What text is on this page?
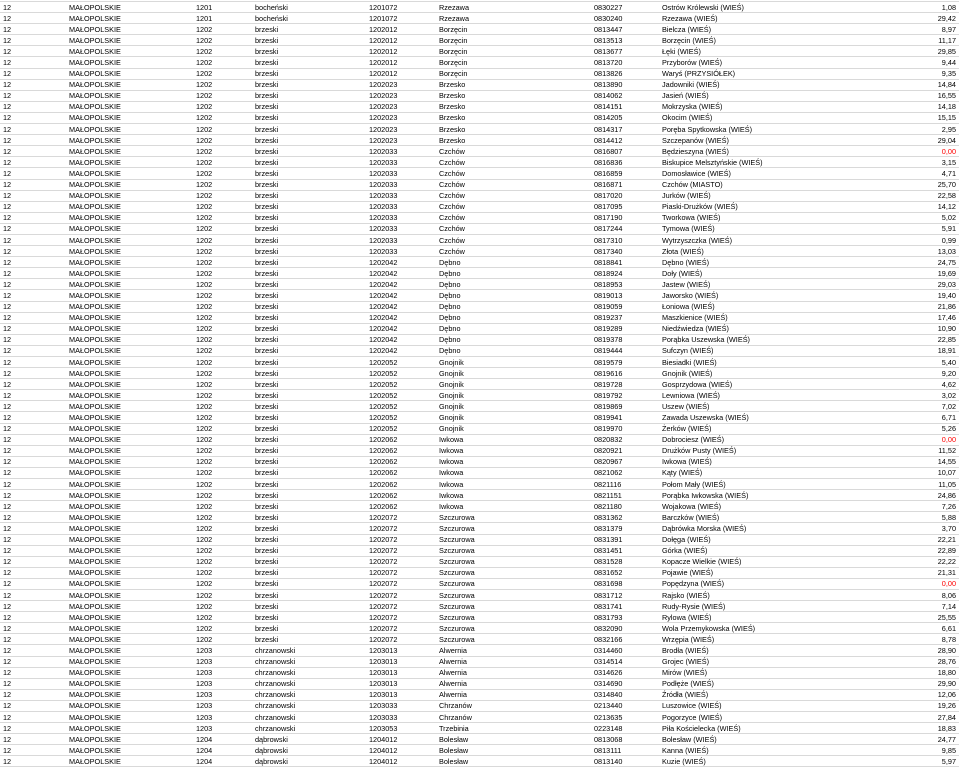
12	MAŁOPOLSKIE	1201	bocheński	1201072	Rzezawa	0830227	Ostrów Królewski (WIEŚ)	1,08
12	MAŁOPOLSKIE	1201	bocheński	1201072	Rzezawa	0830240	Rzezawa (WIEŚ)	29,42
12	MAŁOPOLSKIE	1202	brzeski	1202012	Borzęcin	0813447	Bielcza (WIEŚ)	8,97
12	MAŁOPOLSKIE	1202	brzeski	1202012	Borzęcin	0813513	Borzęcin (WIEŚ)	11,17
12	MAŁOPOLSKIE	1202	brzeski	1202012	Borzęcin	0813677	Łęki (WIEŚ)	29,85
12	MAŁOPOLSKIE	1202	brzeski	1202012	Borzęcin	0813720	Przyborów (WIEŚ)	9,44
12	MAŁOPOLSKIE	1202	brzeski	1202012	Borzęcin	0813826	Waryś (PRZYSIÓŁEK)	9,35
12	MAŁOPOLSKIE	1202	brzeski	1202023	Brzesko	0813890	Jadowniki (WIEŚ)	14,84
12	MAŁOPOLSKIE	1202	brzeski	1202023	Brzesko	0814062	Jasień (WIEŚ)	16,55
12	MAŁOPOLSKIE	1202	brzeski	1202023	Brzesko	0814151	Mokrzyska (WIEŚ)	14,18
12	MAŁOPOLSKIE	1202	brzeski	1202023	Brzesko	0814205	Okocim (WIEŚ)	15,15
12	MAŁOPOLSKIE	1202	brzeski	1202023	Brzesko	0814317	Poręba Spytkowska (WIEŚ)	2,95
12	MAŁOPOLSKIE	1202	brzeski	1202023	Brzesko	0814412	Szczepanów (WIEŚ)	29,04
12	MAŁOPOLSKIE	1202	brzeski	1202033	Czchów	0816807	Będzieszyna (WIEŚ)	0,00
12	MAŁOPOLSKIE	1202	brzeski	1202033	Czchów	0816836	Biskupice Melsztyńskie (WIEŚ)	3,15
12	MAŁOPOLSKIE	1202	brzeski	1202033	Czchów	0816859	Domosławice (WIEŚ)	4,71
12	MAŁOPOLSKIE	1202	brzeski	1202033	Czchów	0816871	Czchów (MIASTO)	25,70
12	MAŁOPOLSKIE	1202	brzeski	1202033	Czchów	0817020	Jurków (WIEŚ)	22,58
12	MAŁOPOLSKIE	1202	brzeski	1202033	Czchów	0817095	Piaski-Drużków (WIEŚ)	14,12
12	MAŁOPOLSKIE	1202	brzeski	1202033	Czchów	0817190	Tworkowa (WIEŚ)	5,02
12	MAŁOPOLSKIE	1202	brzeski	1202033	Czchów	0817244	Tymowa (WIEŚ)	5,91
12	MAŁOPOLSKIE	1202	brzeski	1202033	Czchów	0817310	Wytrzyszczka (WIEŚ)	0,99
12	MAŁOPOLSKIE	1202	brzeski	1202033	Czchów	0817340	Złota (WIEŚ)	13,03
12	MAŁOPOLSKIE	1202	brzeski	1202042	Dębno	0818841	Dębno (WIEŚ)	24,75
12	MAŁOPOLSKIE	1202	brzeski	1202042	Dębno	0818924	Doły (WIEŚ)	19,69
12	MAŁOPOLSKIE	1202	brzeski	1202042	Dębno	0818953	Jastew (WIEŚ)	29,03
12	MAŁOPOLSKIE	1202	brzeski	1202042	Dębno	0819013	Jaworsko (WIEŚ)	19,40
12	MAŁOPOLSKIE	1202	brzeski	1202042	Dębno	0819059	Łoniowa (WIEŚ)	21,86
12	MAŁOPOLSKIE	1202	brzeski	1202042	Dębno	0819237	Maszkienice (WIEŚ)	17,46
12	MAŁOPOLSKIE	1202	brzeski	1202042	Dębno	0819289	Niedźwiedza (WIEŚ)	10,90
12	MAŁOPOLSKIE	1202	brzeski	1202042	Dębno	0819378	Porąbka Uszewska (WIEŚ)	22,85
12	MAŁOPOLSKIE	1202	brzeski	1202042	Dębno	0819444	Sufczyn (WIEŚ)	18,91
12	MAŁOPOLSKIE	1202	brzeski	1202052	Gnojnik	0819579	Biesiadki (WIEŚ)	5,40
12	MAŁOPOLSKIE	1202	brzeski	1202052	Gnojnik	0819616	Gnojnik (WIEŚ)	9,20
12	MAŁOPOLSKIE	1202	brzeski	1202052	Gnojnik	0819728	Gosprzydowa (WIEŚ)	4,62
12	MAŁOPOLSKIE	1202	brzeski	1202052	Gnojnik	0819792	Lewniowa (WIEŚ)	3,02
12	MAŁOPOLSKIE	1202	brzeski	1202052	Gnojnik	0819869	Uszew (WIEŚ)	7,02
12	MAŁOPOLSKIE	1202	brzeski	1202052	Gnojnik	0819941	Zawada Uszewska (WIEŚ)	6,71
12	MAŁOPOLSKIE	1202	brzeski	1202052	Gnojnik	0819970	Żerków (WIEŚ)	5,26
12	MAŁOPOLSKIE	1202	brzeski	1202062	Iwkowa	0820832	Dobrociesz (WIEŚ)	0,00
12	MAŁOPOLSKIE	1202	brzeski	1202062	Iwkowa	0820921	Drużków Pusty (WIEŚ)	11,52
12	MAŁOPOLSKIE	1202	brzeski	1202062	Iwkowa	0820967	Iwkowa (WIEŚ)	14,55
12	MAŁOPOLSKIE	1202	brzeski	1202062	Iwkowa	0821062	Kąty (WIEŚ)	10,07
12	MAŁOPOLSKIE	1202	brzeski	1202062	Iwkowa	0821116	Połom Mały (WIEŚ)	11,05
12	MAŁOPOLSKIE	1202	brzeski	1202062	Iwkowa	0821151	Porąbka Iwkowska (WIEŚ)	24,86
12	MAŁOPOLSKIE	1202	brzeski	1202062	Iwkowa	0821180	Wojakowa (WIEŚ)	7,26
12	MAŁOPOLSKIE	1202	brzeski	1202072	Szczurowa	0831362	Barczków (WIEŚ)	5,88
12	MAŁOPOLSKIE	1202	brzeski	1202072	Szczurowa	0831379	Dąbrówka Morska (WIEŚ)	3,70
12	MAŁOPOLSKIE	1202	brzeski	1202072	Szczurowa	0831391	Dołęga (WIEŚ)	22,21
12	MAŁOPOLSKIE	1202	brzeski	1202072	Szczurowa	0831451	Górka (WIEŚ)	22,89
12	MAŁOPOLSKIE	1202	brzeski	1202072	Szczurowa	0831528	Kopacze Wielkie (WIEŚ)	22,22
12	MAŁOPOLSKIE	1202	brzeski	1202072	Szczurowa	0831652	Pojawie (WIEŚ)	21,31
12	MAŁOPOLSKIE	1202	brzeski	1202072	Szczurowa	0831698	Popędzyna (WIEŚ)	0,00
12	MAŁOPOLSKIE	1202	brzeski	1202072	Szczurowa	0831712	Rajsko (WIEŚ)	8,06
12	MAŁOPOLSKIE	1202	brzeski	1202072	Szczurowa	0831741	Rudy-Rysie (WIEŚ)	7,14
12	MAŁOPOLSKIE	1202	brzeski	1202072	Szczurowa	0831793	Rylowa (WIEŚ)	25,55
12	MAŁOPOLSKIE	1202	brzeski	1202072	Szczurowa	0832090	Wola Przemykowska (WIEŚ)	6,61
12	MAŁOPOLSKIE	1202	brzeski	1202072	Szczurowa	0832166	Wrzępia (WIEŚ)	8,78
12	MAŁOPOLSKIE	1203	chrzanowski	1203013	Alwernia	0314460	Brodła (WIEŚ)	28,90
12	MAŁOPOLSKIE	1203	chrzanowski	1203013	Alwernia	0314514	Grojec (WIEŚ)	28,76
12	MAŁOPOLSKIE	1203	chrzanowski	1203013	Alwernia	0314626	Mirów (WIEŚ)	18,80
12	MAŁOPOLSKIE	1203	chrzanowski	1203013	Alwernia	0314690	Podłęże (WIEŚ)	29,90
12	MAŁOPOLSKIE	1203	chrzanowski	1203013	Alwernia	0314840	Źródła (WIEŚ)	12,06
12	MAŁOPOLSKIE	1203	chrzanowski	1203033	Chrzanów	0213440	Luszowice (WIEŚ)	19,26
12	MAŁOPOLSKIE	1203	chrzanowski	1203033	Chrzanów	0213635	Pogorzyce (WIEŚ)	27,84
12	MAŁOPOLSKIE	1203	chrzanowski	1203053	Trzebinia	0223148	Piła Kościelecka (WIEŚ)	18,83
12	MAŁOPOLSKIE	1204	dąbrowski	1204012	Bolesław	0813068	Bolesław (WIEŚ)	24,77
12	MAŁOPOLSKIE	1204	dąbrowski	1204012	Bolesław	0813111	Kanna (WIEŚ)	9,85
12	MAŁOPOLSKIE	1204	dąbrowski	1204012	Bolesław	0813140	Kuzie (WIEŚ)	5,97
